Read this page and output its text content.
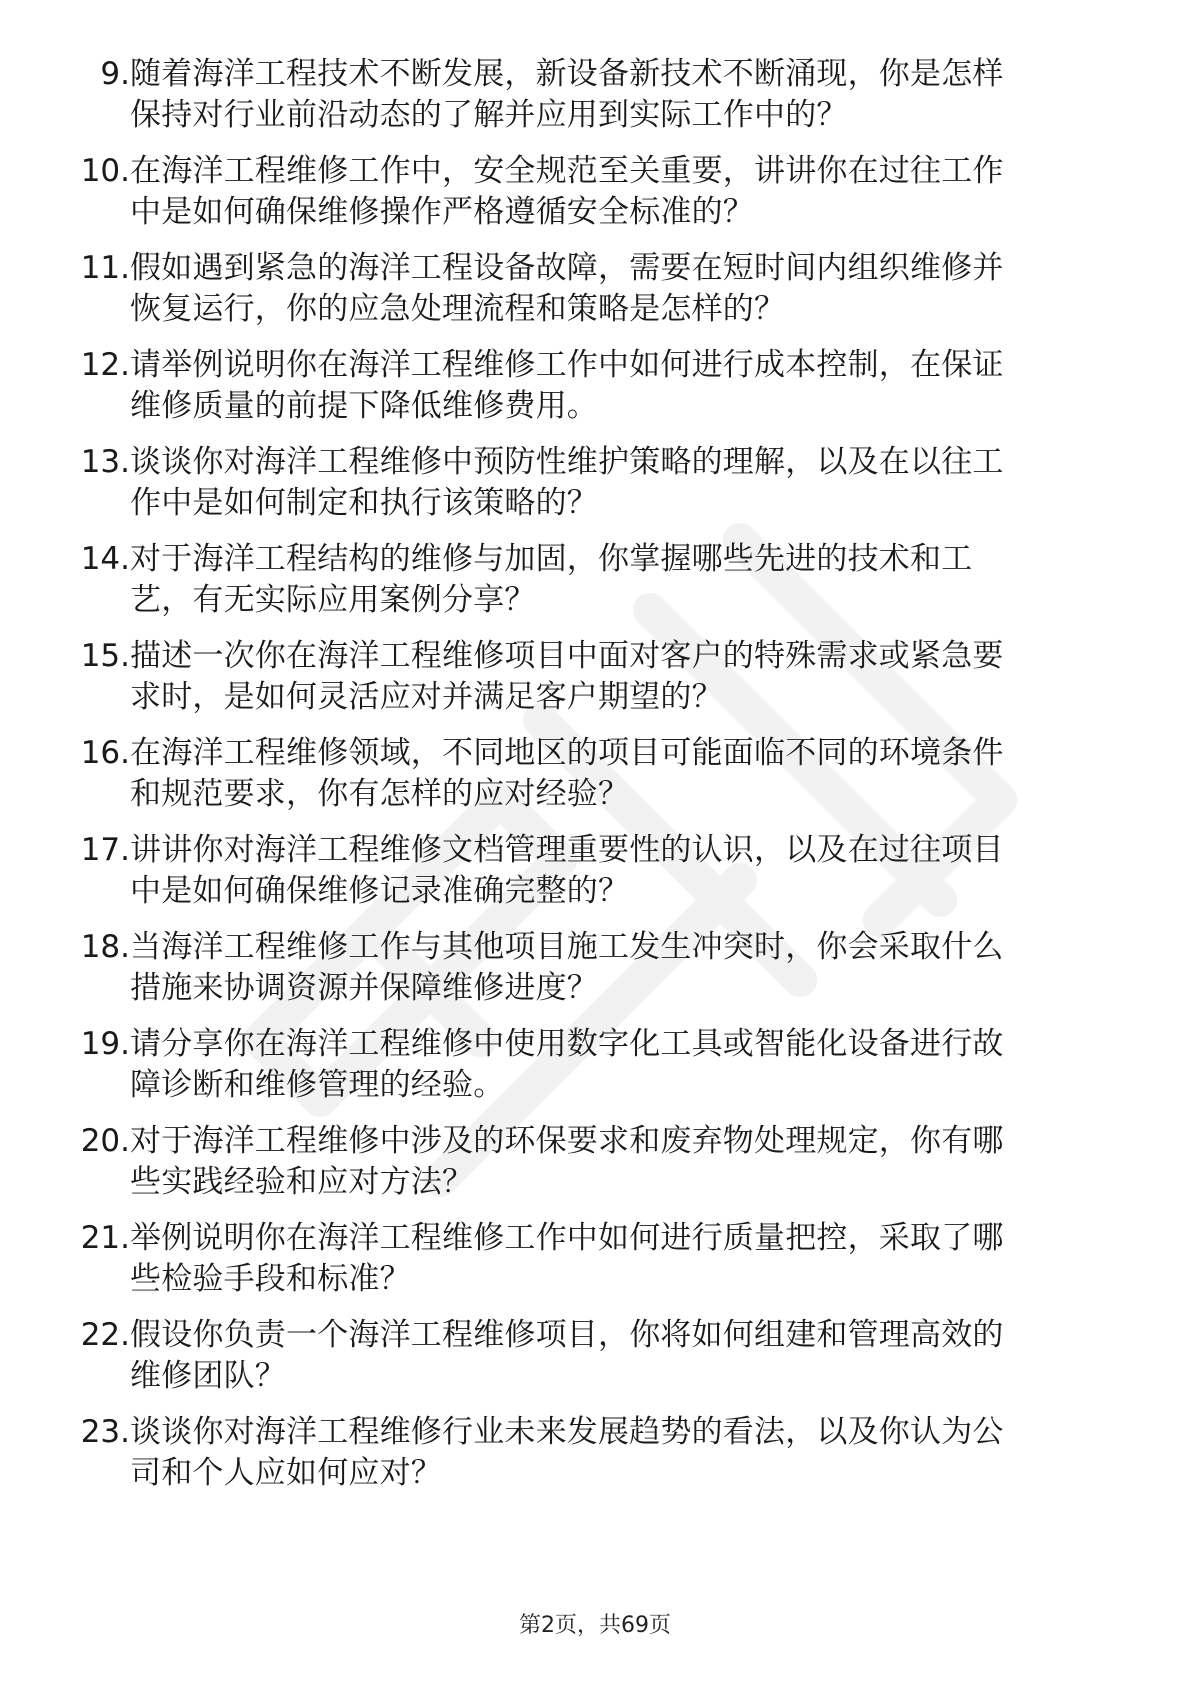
9. 随着海洋工程技术不断发展，新设备新技术不断涌现，你是怎样
保持对行业前沿动态的了解并应用到实际工作中的？
10. 在海洋工程维修工作中，安全规范至关重要，讲讲你在过往工作
中是如何确保维修操作严格遵循安全标准的？
11. 假如遇到紧急的海洋工程设备故障，需要在短时间内组织维修并
恢复运行，你的应急处理流程和策略是怎样的？
12. 请举例说明你在海洋工程维修工作中如何进行成本控制，在保证
维修质量的前提下降低维修费用。
13. 谈谈你对海洋工程维修中预防性维护策略的理解，以及在以往工
作中是如何制定和执行该策略的？
14. 对于海洋工程结构的维修与加固，你掌握哪些先进的技术和工
艺，有无实际应用案例分享？
15. 描述一次你在海洋工程维修项目中面对客户的特殊需求或紧急要
求时，是如何灵活应对并满足客户期望的？
16. 在海洋工程维修领域，不同地区的项目可能面临不同的环境条件
和规范要求，你有怎样的应对经验？
17. 讲讲你对海洋工程维修文档管理重要性的认识，以及在过往项目
中是如何确保维修记录准确完整的？
18. 当海洋工程维修工作与其他项目施工发生冲突时，你会采取什么
措施来协调资源并保障维修进度？
19. 请分享你在海洋工程维修中使用数字化工具或智能化设备进行故
障诊断和维修管理的经验。
20. 对于海洋工程维修中涉及的环保要求和废弃物处理规定，你有哪
些实践经验和应对方法？
21. 举例说明你在海洋工程维修工作中如何进行质量把控，采取了哪
些检验手段和标准？
22. 假设你负责一个海洋工程维修项目，你将如何组建和管理高效的
维修团队？
23. 谈谈你对海洋工程维修行业未来发展趋势的看法，以及你认为公
司和个人应如何应对？
第2页，共69页
